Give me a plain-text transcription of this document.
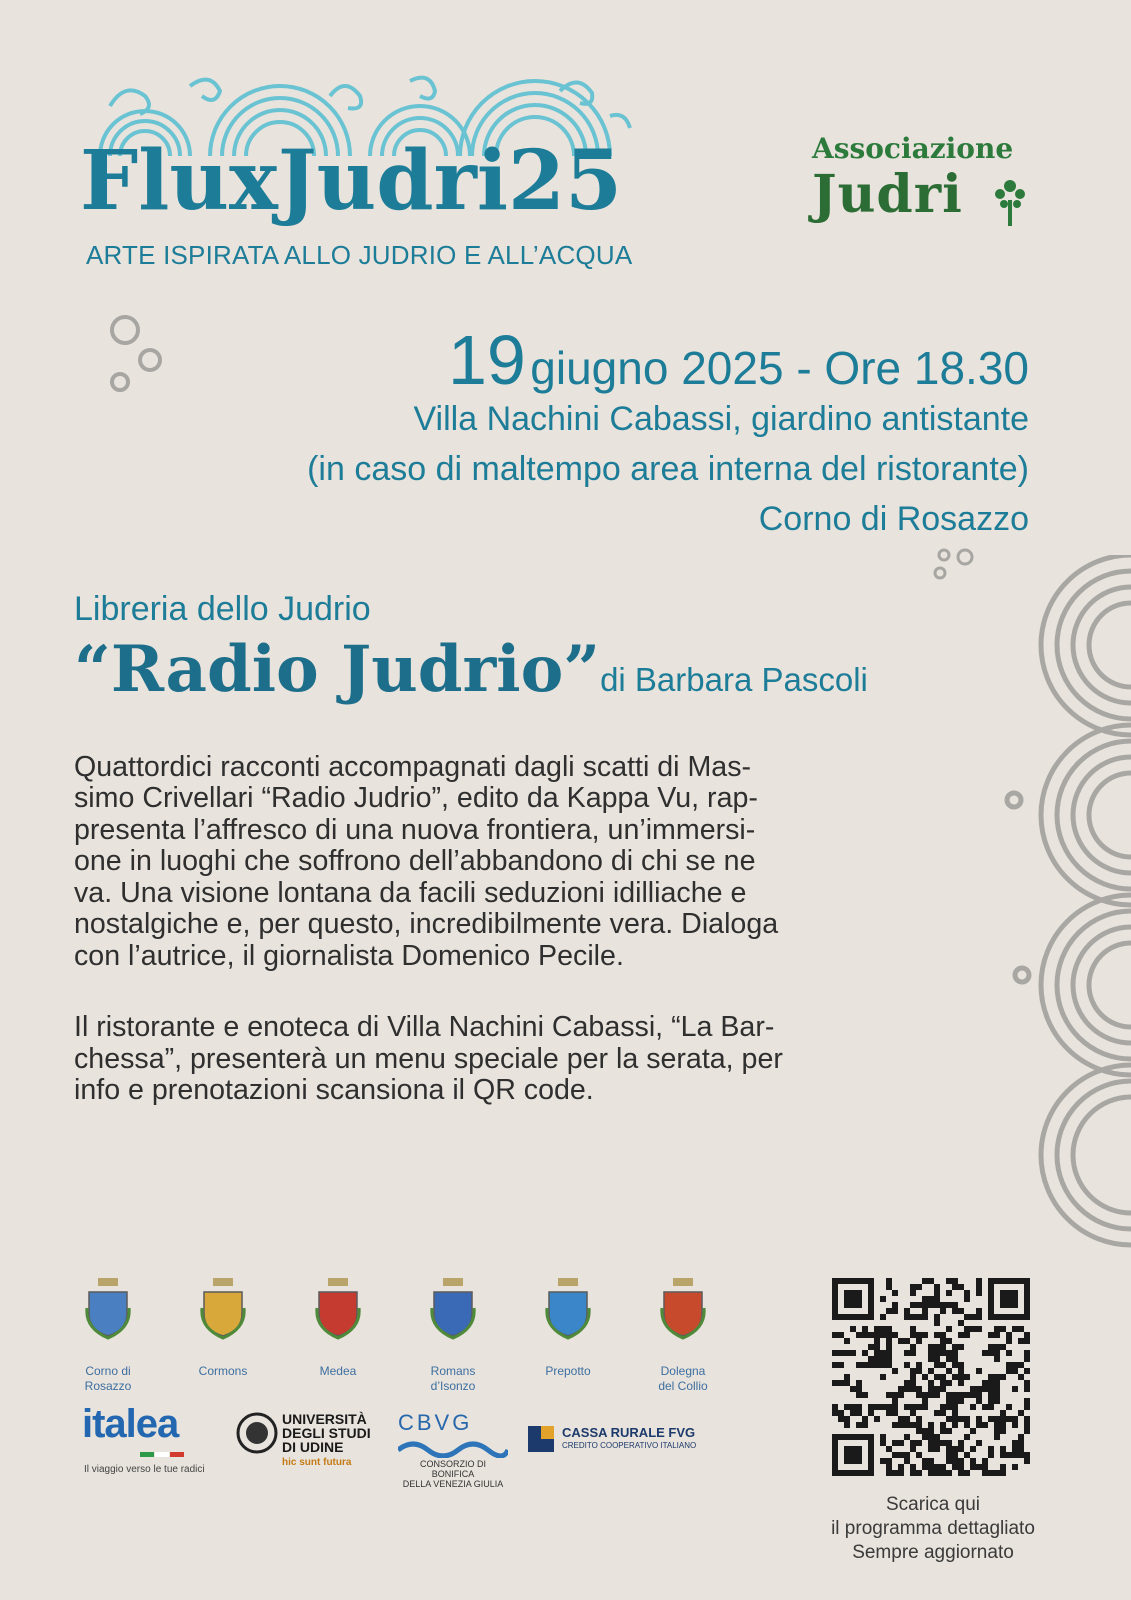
FluxJudri25
ARTE ISPIRATA ALLO JUDRIO E ALL’ACQUA
Associazione
Judri
19 giugno 2025 - Ore 18.30
Villa Nachini Cabassi, giardino antistante
(in caso di maltempo area interna del ristorante)
Corno di Rosazzo
Libreria dello Judrio
“Radio Judrio”di Barbara Pascoli

Quattordici racconti accompagnati dagli scatti di Mas-
simo Crivellari “Radio Judrio”, edito da Kappa Vu, rap-
presenta l’affresco di una nuova frontiera, un’immersi-
one in luoghi che soffrono dell’abbandono di chi se ne
va. Una visione lontana da facili seduzioni idilliache e
nostalgiche e, per questo, incredibilmente vera. Dialoga
con l’autrice, il giornalista Domenico Pecile.

Il ristorante e enoteca di Villa Nachini Cabassi, “La Bar-
chessa”, presenterà un menu speciale per la serata, per
info e prenotazioni scansiona il QR code.

Corno di
Rosazzo
Cormons	Medea	Romans
d’Isonzo
Prepotto	Dolegna
del Collio
italea
Il viaggio verso le tue radici
UNIVERSITÀ
DEGLI STUDI
DI UDINE
hic sunt futura
CBVG
CONSORZIO DI BONIFICA
DELLA VENEZIA GIULIA
CASSA RURALE FVG
CREDITO COOPERATIVO ITALIANO
Scarica qui
il programma dettagliato
Sempre aggiornato
